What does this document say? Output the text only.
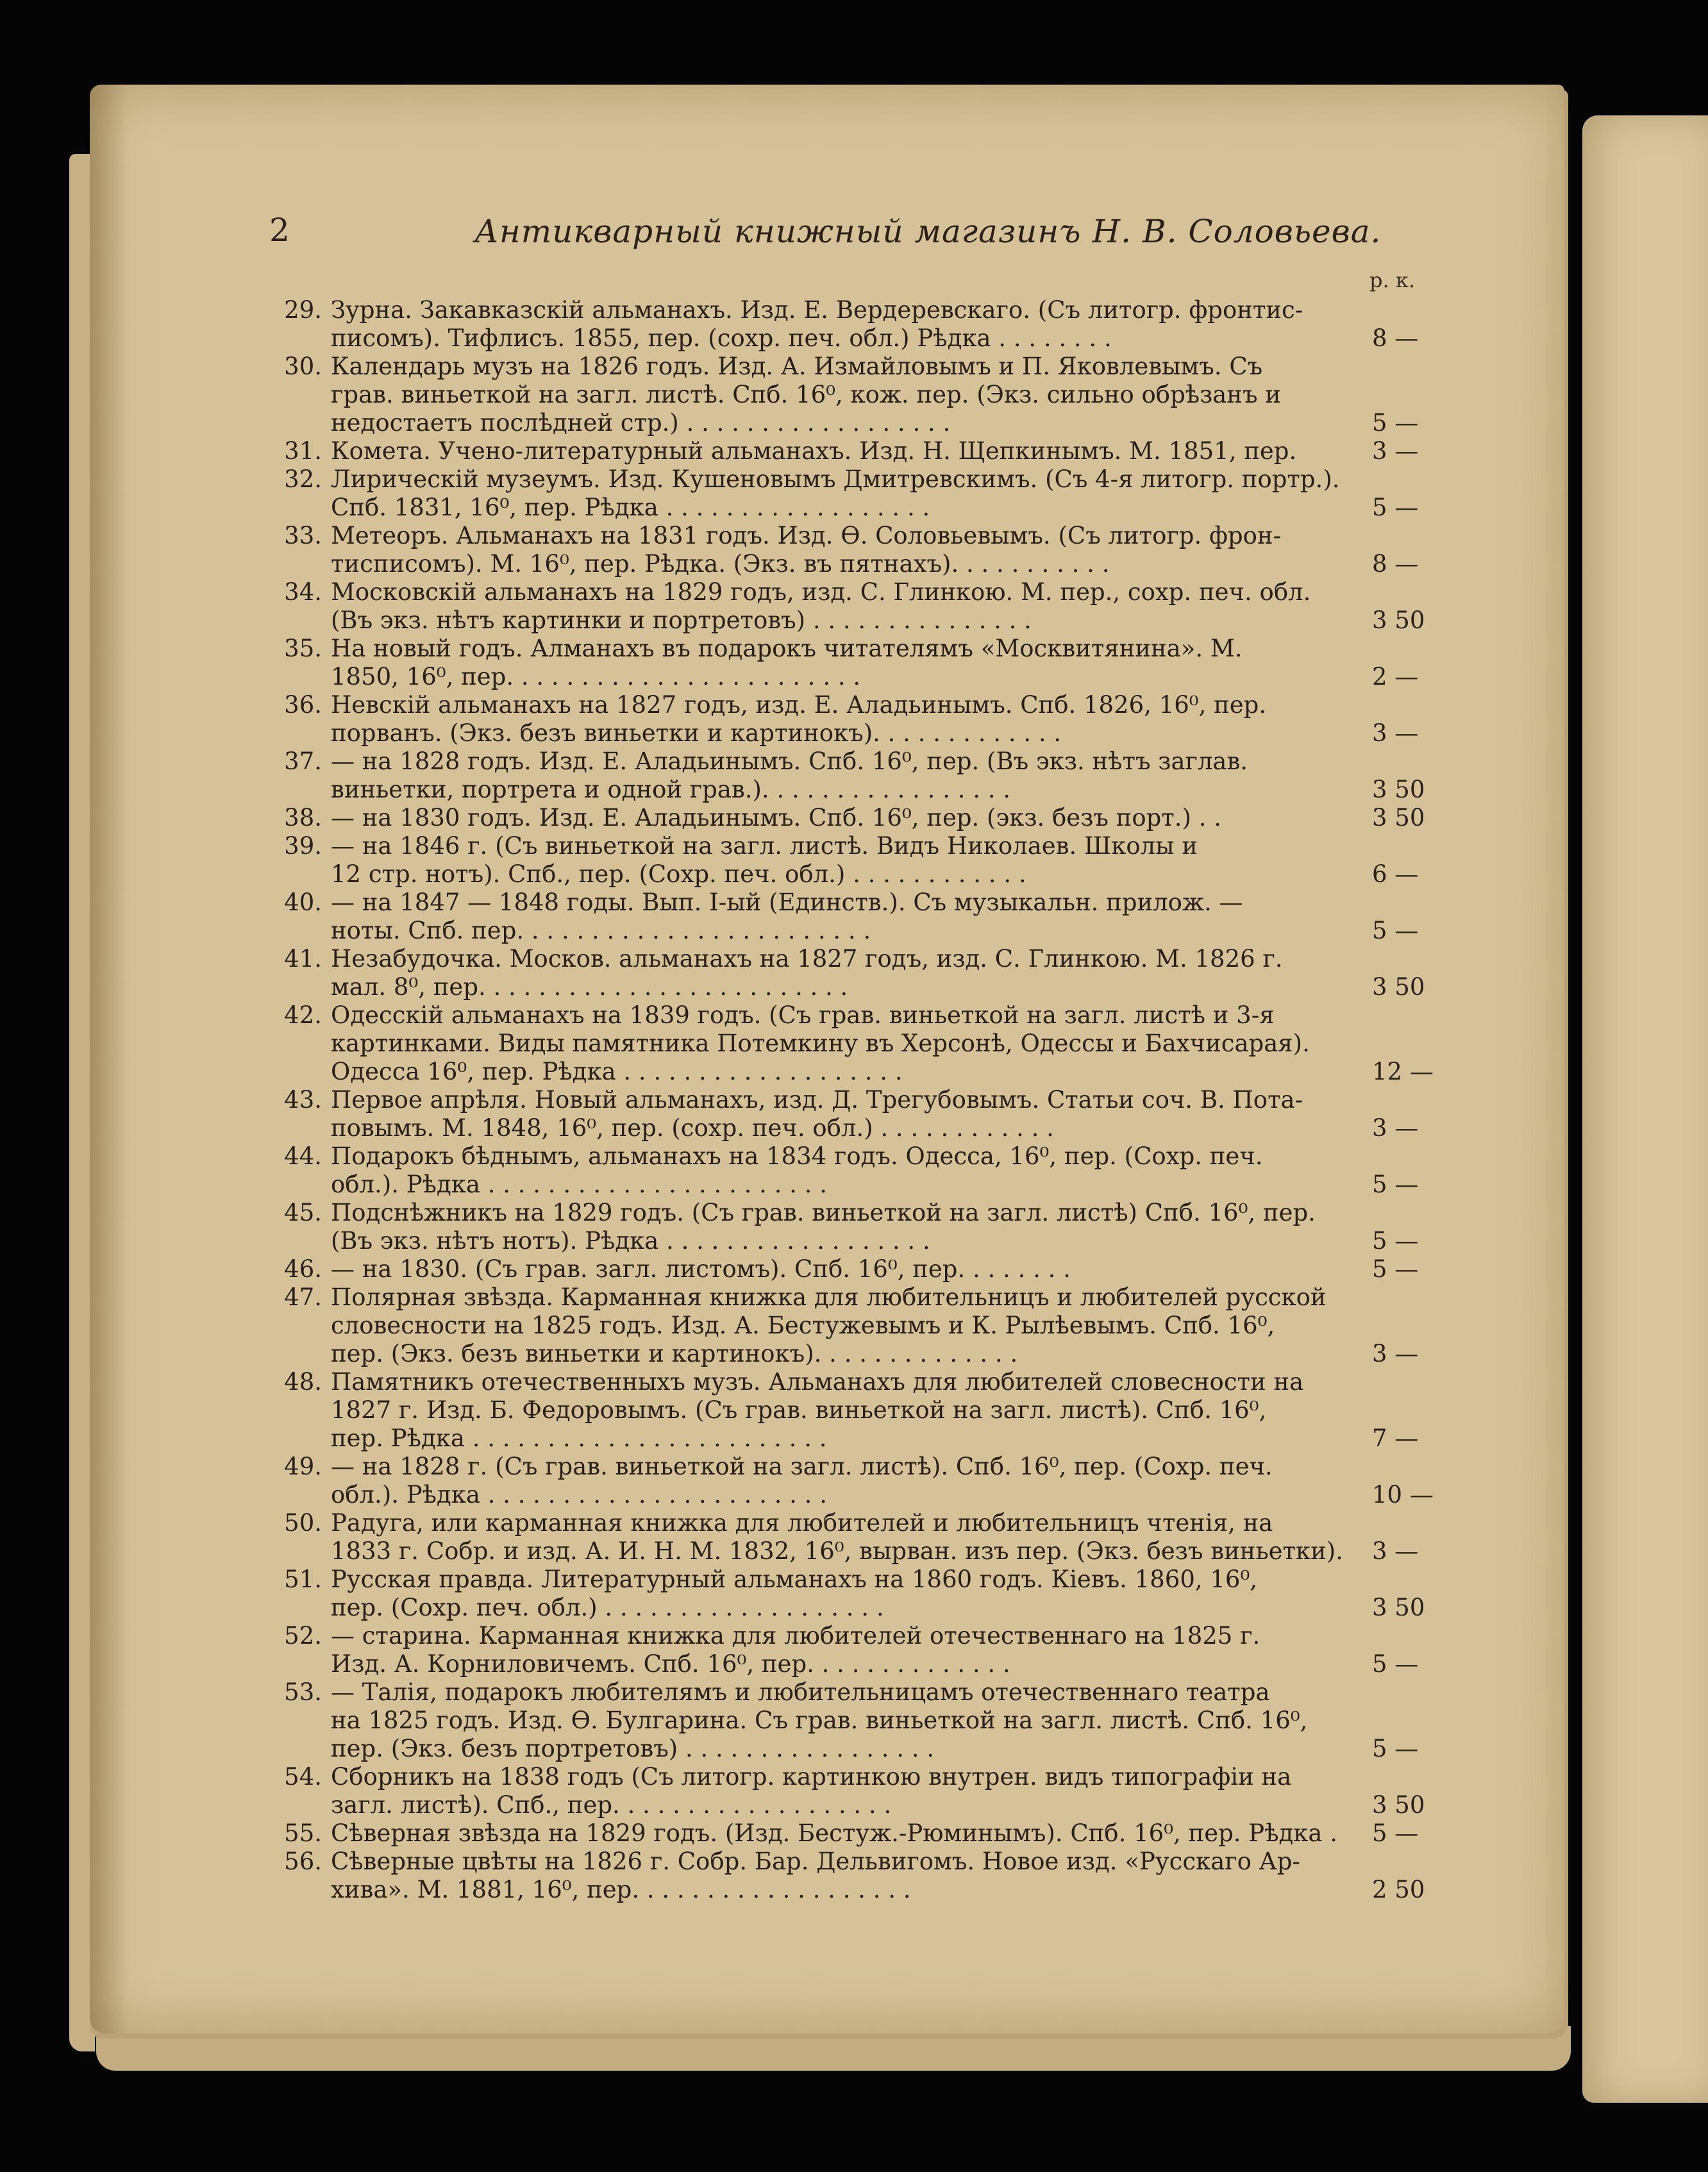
2	Антикварный книжный магазинъ Н. В. Соловьева.
р. к.
29. Зурна. Закавказскій альманахъ. Изд. Е. Вердеревскаго. (Съ литогр. фронтис-
писомъ). Тифлисъ. 1855, пер. (сохр. печ. обл.) Рѣдка . . . . . . . .	8 —
30. Календарь музъ на 1826 годъ. Изд. А. Измайловымъ и П. Яковлевымъ. Съ
грав. виньеткой на загл. листѣ. Спб. 16⁰, кож. пер. (Экз. сильно обрѣзанъ и
недостаетъ послѣдней стр.) . . . . . . . . . . . . . . . . . .	5 —
31. Комета. Учено-литературный альманахъ. Изд. Н. Щепкинымъ. М. 1851, пер.	3 —
32. Лирическій музеумъ. Изд. Кушеновымъ Дмитревскимъ. (Съ 4-я литогр. портр.).
Спб. 1831, 16⁰, пер. Рѣдка . . . . . . . . . . . . . . . . . .	5 —
33. Метеоръ. Альманахъ на 1831 годъ. Изд. Ѳ. Соловьевымъ. (Съ литогр. фрон-
тисписомъ). М. 16⁰, пер. Рѣдка. (Экз. въ пятнахъ). . . . . . . . . . .	8 —
34. Московскій альманахъ на 1829 годъ, изд. С. Глинкою. М. пер., сохр. печ. обл.
(Въ экз. нѣтъ картинки и портретовъ) . . . . . . . . . . . . . . .	3 50
35. На новый годъ. Алманахъ въ подарокъ читателямъ «Москвитянина». М.
1850, 16⁰, пер. . . . . . . . . . . . . . . . . . . . . . . .	2 —
36. Невскій альманахъ на 1827 годъ, изд. Е. Аладьинымъ. Спб. 1826, 16⁰, пер.
порванъ. (Экз. безъ виньетки и картинокъ). . . . . . . . . . . . .	3 —
37. — на 1828 годъ. Изд. Е. Аладьинымъ. Спб. 16⁰, пер. (Въ экз. нѣтъ заглав.
виньетки, портрета и одной грав.). . . . . . . . . . . . . . . . .	3 50
38. — на 1830 годъ. Изд. Е. Аладьинымъ. Спб. 16⁰, пер. (экз. безъ порт.) . .	3 50
39. — на 1846 г. (Съ виньеткой на загл. листѣ. Видъ Николаев. Школы и
12 стр. нотъ). Спб., пер. (Сохр. печ. обл.) . . . . . . . . . . . .	6 —
40. — на 1847 — 1848 годы. Вып. I-ый (Единств.). Съ музыкальн. прилож. —
ноты. Спб. пер. . . . . . . . . . . . . . . . . . . . . . . .	5 —
41. Незабудочка. Москов. альманахъ на 1827 годъ, изд. С. Глинкою. М. 1826 г.
мал. 8⁰, пер. . . . . . . . . . . . . . . . . . . . . . . . .	3 50
42. Одесскій альманахъ на 1839 годъ. (Съ грав. виньеткой на загл. листѣ и 3-я
картинками. Виды памятника Потемкину въ Херсонѣ, Одессы и Бахчисарая).
Одесса 16⁰, пер. Рѣдка . . . . . . . . . . . . . . . . . . .	12 —
43. Первое апрѣля. Новый альманахъ, изд. Д. Трегубовымъ. Статьи соч. В. Пота-
повымъ. М. 1848, 16⁰, пер. (сохр. печ. обл.) . . . . . . . . . . . .	3 —
44. Подарокъ бѣднымъ, альманахъ на 1834 годъ. Одесса, 16⁰, пер. (Сохр. печ.
обл.). Рѣдка . . . . . . . . . . . . . . . . . . . . . . .	5 —
45. Подснѣжникъ на 1829 годъ. (Съ грав. виньеткой на загл. листѣ) Спб. 16⁰, пер.
(Въ экз. нѣтъ нотъ). Рѣдка . . . . . . . . . . . . . . . . . .	5 —
46. — на 1830. (Съ грав. загл. листомъ). Спб. 16⁰, пер. . . . . . . .	5 —
47. Полярная звѣзда. Карманная книжка для любительницъ и любителей русской
словесности на 1825 годъ. Изд. А. Бестужевымъ и К. Рылѣевымъ. Спб. 16⁰,
пер. (Экз. безъ виньетки и картинокъ). . . . . . . . . . . . . .	3 —
48. Памятникъ отечественныхъ музъ. Альманахъ для любителей словесности на
1827 г. Изд. Б. Федоровымъ. (Съ грав. виньеткой на загл. листѣ). Спб. 16⁰,
пер. Рѣдка . . . . . . . . . . . . . . . . . . . . . . . .	7 —
49. — на 1828 г. (Съ грав. виньеткой на загл. листѣ). Спб. 16⁰, пер. (Сохр. печ.
обл.). Рѣдка . . . . . . . . . . . . . . . . . . . . . . .	10 —
50. Радуга, или карманная книжка для любителей и любительницъ чтенія, на
1833 г. Собр. и изд. А. И. Н. М. 1832, 16⁰, вырван. изъ пер. (Экз. безъ виньетки).	3 —
51. Русская правда. Литературный альманахъ на 1860 годъ. Кіевъ. 1860, 16⁰,
пер. (Сохр. печ. обл.) . . . . . . . . . . . . . . . . . . .	3 50
52. — старина. Карманная книжка для любителей отечественнаго на 1825 г.
Изд. А. Корниловичемъ. Спб. 16⁰, пер. . . . . . . . . . . . . .	5 —
53. — Талія, подарокъ любителямъ и любительницамъ отечественнаго театра
на 1825 годъ. Изд. Ѳ. Булгарина. Съ грав. виньеткой на загл. листѣ. Спб. 16⁰,
пер. (Экз. безъ портретовъ) . . . . . . . . . . . . . . . . .	5 —
54. Сборникъ на 1838 годъ (Съ литогр. картинкою внутрен. видъ типографіи на
загл. листѣ). Спб., пер. . . . . . . . . . . . . . . . . . .	3 50
55. Сѣверная звѣзда на 1829 годъ. (Изд. Бестуж.-Рюминымъ). Спб. 16⁰, пер. Рѣдка .	5 —
56. Сѣверные цвѣты на 1826 г. Собр. Бар. Дельвигомъ. Новое изд. «Русскаго Ар-
хива». М. 1881, 16⁰, пер. . . . . . . . . . . . . . . . . . .	2 50
